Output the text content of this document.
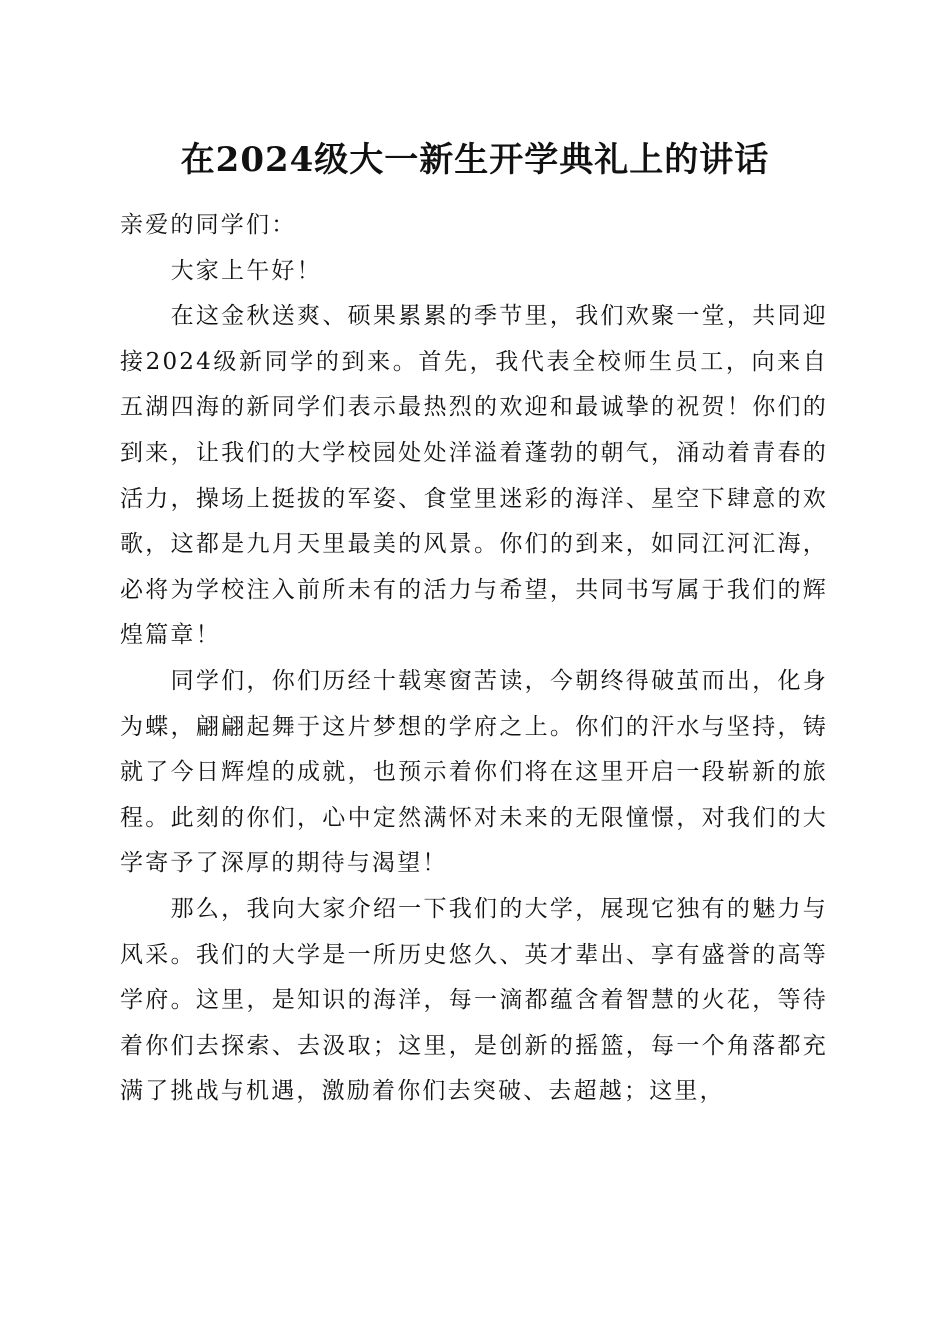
在2024级大一新生开学典礼上的讲话

亲爱的同学们：

大家上午好！

在这金秋送爽、硕果累累的季节里，我们欢聚一堂，共同迎接2024级新同学的到来。首先，我代表全校师生员工，向来自五湖四海的新同学们表示最热烈的欢迎和最诚挚的祝贺！你们的到来，让我们的大学校园处处洋溢着蓬勃的朝气，涌动着青春的活力，操场上挺拔的军姿、食堂里迷彩的海洋、星空下肆意的欢歌，这都是九月天里最美的风景。你们的到来，如同江河汇海，必将为学校注入前所未有的活力与希望，共同书写属于我们的辉煌篇章！

同学们，你们历经十载寒窗苦读，今朝终得破茧而出，化身为蝶，翩翩起舞于这片梦想的学府之上。你们的汗水与坚持，铸就了今日辉煌的成就，也预示着你们将在这里开启一段崭新的旅程。此刻的你们，心中定然满怀对未来的无限憧憬，对我们的大学寄予了深厚的期待与渴望！

那么，我向大家介绍一下我们的大学，展现它独有的魅力与风采。我们的大学是一所历史悠久、英才辈出、享有盛誉的高等学府。这里，是知识的海洋，每一滴都蕴含着智慧的火花，等待着你们去探索、去汲取；这里，是创新的摇篮，每一个角落都充满了挑战与机遇，激励着你们去突破、去超越；这里，
